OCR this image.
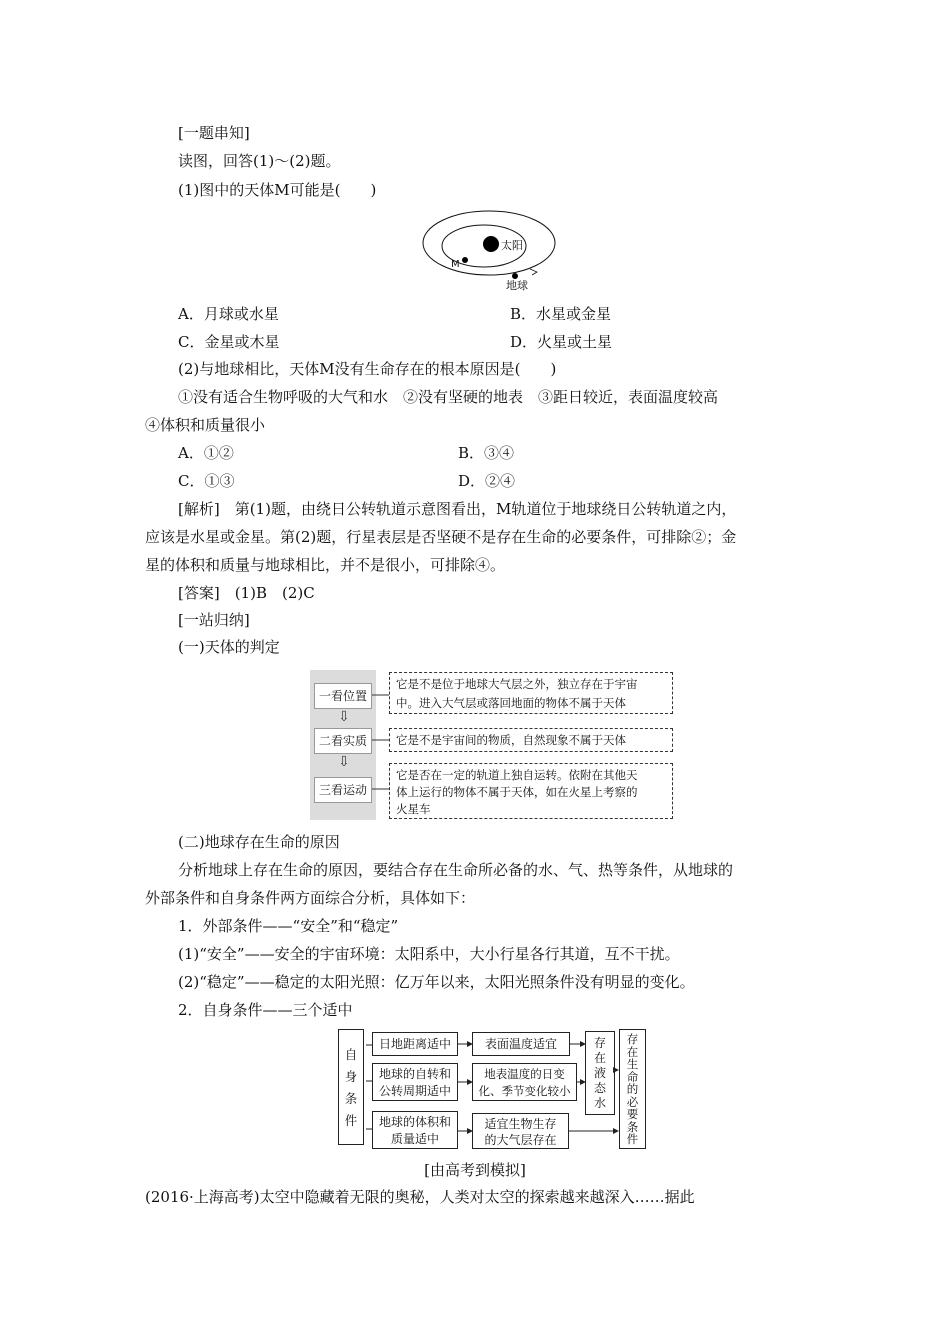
[一题串知]
读图，回答(1)～(2)题。
(1)图中的天体M可能是(　　)
太阳
M
地球
A．月球或水星	B．水星或金星
C．金星或木星	D．火星或土星
(2)与地球相比，天体M没有生命存在的根本原因是(　　)
①没有适合生物呼吸的大气和水　②没有坚硬的地表　③距日较近，表面温度较高
④体积和质量很小
A．①②	B．③④
C．①③	D．②④
[解析]　第(1)题，由绕日公转轨道示意图看出，M轨道位于地球绕日公转轨道之内，
应该是水星或金星。第(2)题，行星表层是否坚硬不是存在生命的必要条件，可排除②；金
星的体积和质量与地球相比，并不是很小，可排除④。
[答案]　(1)B　(2)C
[一站归纳]
(一)天体的判定
一看位置
⇩
二看实质
⇩
三看运动
它是不是位于地球大气层之外，独立存在于宇宙
中。进入大气层或落回地面的物体不属于天体
它是不是宇宙间的物质，自然现象不属于天体
它是否在一定的轨道上独自运转。依附在其他天
体上运行的物体不属于天体，如在火星上考察的
火星车
(二)地球存在生命的原因
分析地球上存在生命的原因，要结合存在生命所必备的水、气、热等条件，从地球的
外部条件和自身条件两方面综合分析，具体如下：
1．外部条件——“安全”和“稳定”
(1)“安全”——安全的宇宙环境：太阳系中，大小行星各行其道，互不干扰。
(2)“稳定”——稳定的太阳光照：亿万年以来，太阳光照条件没有明显的变化。
2．自身条件——三个适中
自
身
条
件
日地距离适中
地球的自转和
公转周期适中
地球的体积和
质量适中
表面温度适宜
地表温度的日变
化、季节变化较小
适宜生物生存
的大气层存在
存
在
液
态
水
存
在
生
命
的
必
要
条
件
[由高考到模拟]
(2016·上海高考)太空中隐藏着无限的奥秘，人类对太空的探索越来越深入……据此
